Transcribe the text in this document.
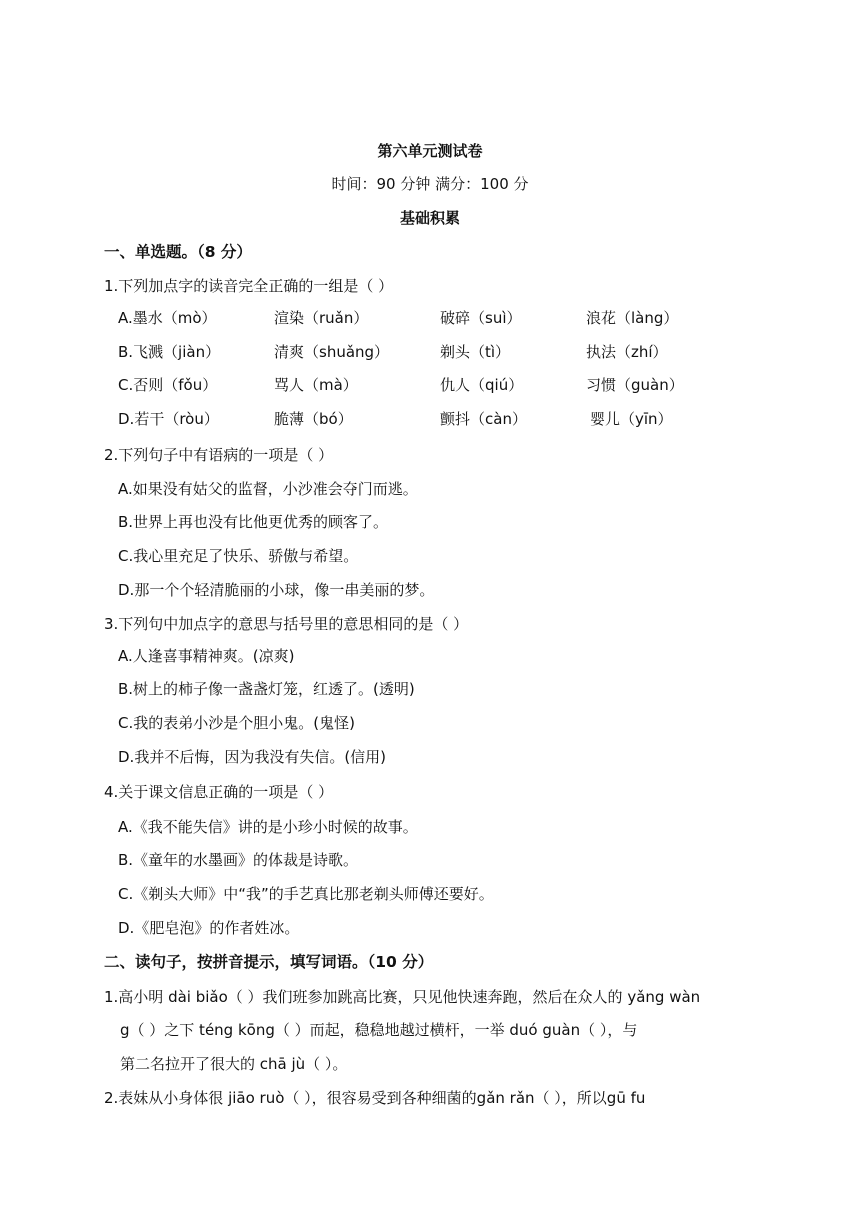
第六单元测试卷
时间：90 分钟 满分：100 分
基础积累
一、单选题。（8 分）
1.下列加点字的读音完全正确的一组是（ ）
A.墨水（mò）	渲染（ruǎn）	破碎（suì）	浪花（làng）
B.飞溅（jiàn）	清爽（shuǎng）	剃头（tì）	执法（zhí）
C.否则（fǒu）	骂人（mà）	仇人（qiú）	习惯（guàn）
D.若干（ròu）	脆薄（bó）	颤抖（càn）	婴儿（yīn）
2.下列句子中有语病的一项是（ ）
A.如果没有姑父的监督，小沙准会夺门而逃。
B.世界上再也没有比他更优秀的顾客了。
C.我心里充足了快乐、骄傲与希望。
D.那一个个轻清脆丽的小球，像一串美丽的梦。
3.下列句中加点字的意思与括号里的意思相同的是（ ）
A.人逢喜事精神爽。(凉爽)
B.树上的柿子像一盏盏灯笼，红透了。(透明)
C.我的表弟小沙是个胆小鬼。(鬼怪)
D.我并不后悔，因为我没有失信。(信用)
4.关于课文信息正确的一项是（ ）
A.《我不能失信》讲的是小珍小时候的故事。
B.《童年的水墨画》的体裁是诗歌。
C.《剃头大师》中“我”的手艺真比那老剃头师傅还要好。
D.《肥皂泡》的作者姓冰。
二、读句子，按拼音提示，填写词语。（10 分）
1.高小明 dài biǎo（ ）我们班参加跳高比赛，只见他快速奔跑，然后在众人的 yǎng wàn
g（ ）之下 téng kōng（ ）而起，稳稳地越过横杆，一举 duó guàn（ ），与
第二名拉开了很大的 chā jù（ ）。
2.表妹从小身体很 jiāo ruò（ ），很容易受到各种细菌的gǎn rǎn（ ），所以gū fu
